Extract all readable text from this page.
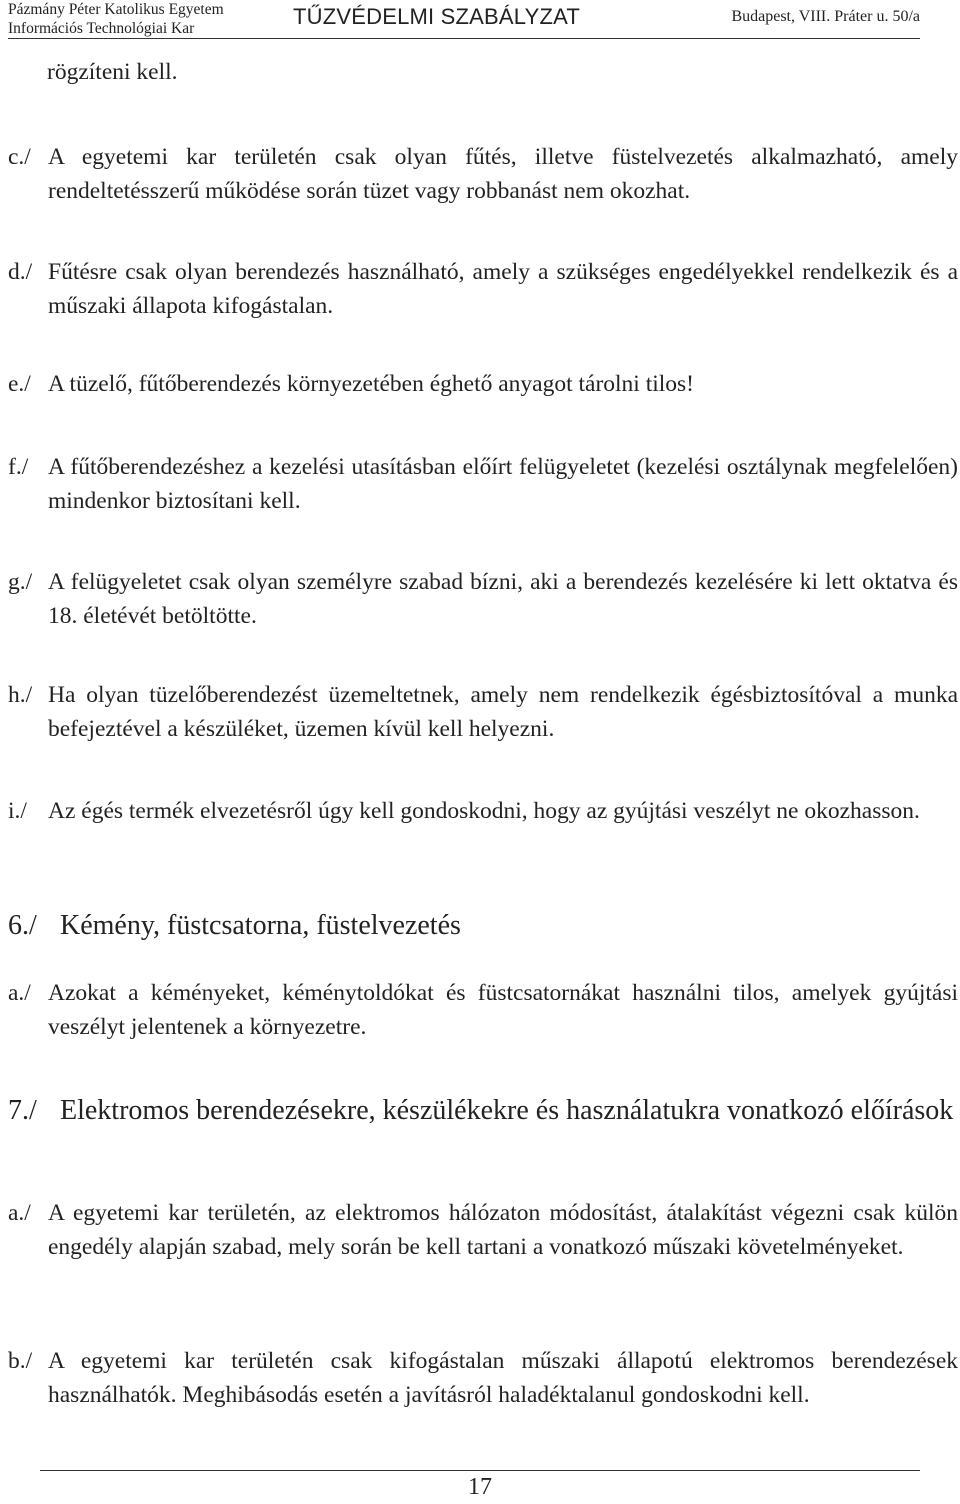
Pázmány Péter Katolikus Egyetem
Információs Technológiai Kar	TŰZVÉDELMI SZABÁLYZAT	Budapest, VIII. Práter u. 50/a
rögzíteni kell.
c./ A egyetemi kar területén csak olyan fűtés, illetve füstelvezetés alkalmazható, amely rendeltetésszerű működése során tüzet vagy robbanást nem okozhat.
d./ Fűtésre csak olyan berendezés használható, amely a szükséges engedélyekkel rendelkezik és a műszaki állapota kifogástalan.
e./ A tüzelő, fűtőberendezés környezetében éghető anyagot tárolni tilos!
f./ A fűtőberendezéshez a kezelési utasításban előírt felügyeletet (kezelési osztálynak megfelelően) mindenkor biztosítani kell.
g./ A felügyeletet csak olyan személyre szabad bízni, aki a berendezés kezelésére ki lett oktatva és 18. életévét betöltötte.
h./ Ha olyan tüzelőberendezést üzemeltetnek, amely nem rendelkezik égésbiztosítóval a munka befejeztével a készüléket, üzemen kívül kell helyezni.
i./ Az égés termék elvezetésről úgy kell gondoskodni, hogy az gyújtási veszélyt ne okozhasson.
6./ Kémény, füstcsatorna, füstelvezetés
a./ Azokat a kéményeket, kéménytoldókat és füstcsatornákat használni tilos, amelyek gyújtási veszélyt jelentenek a környezetre.
7./ Elektromos berendezésekre, készülékekre és használatukra vonatkozó előírások
a./ A egyetemi kar területén, az elektromos hálózaton módosítást, átalakítást végezni csak külön engedély alapján szabad, mely során be kell tartani a vonatkozó műszaki követelményeket.
b./ A egyetemi kar területén csak kifogástalan műszaki állapotú elektromos berendezések használhatók. Meghibásodás esetén a javításról haladéktalanul gondoskodni kell.
17
